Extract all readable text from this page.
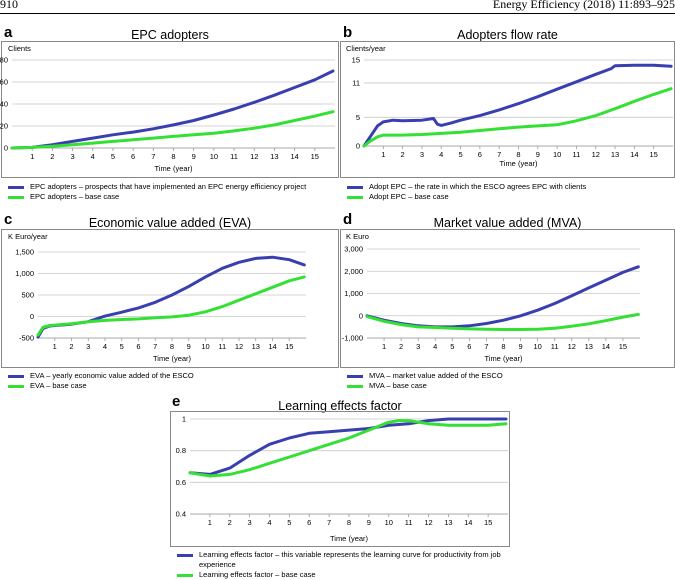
910	Energy Efficiency (2018) 11:893–925
a	EPC adopters
Clients
0
20
40
60
80
1 2 3 4 5 6 7 8 9 10 11 12 13 14 15
Time (year)
0
5
11
15
1 2 3 4 5 6 7 8 9 10 11 12 13 14 15
Time (year)
-500
0
500
1,000
1,500
1 2 3 4 5 6 7 8 9 10 11 12 13 14 15
Time (year)
-1,000
0
1,000
2,000
3,000
1 2 3 4 5 6 7 8 9 10 11 12 13 14 15
Time (year)
0.4
0.6
0.8
1
1 2 3 4 5 6 7 8 9 10 11 12 13 14 15
Time (year)
EPC adopters – prospects that have implemented an EPC energy efficiency project
EPC adopters – base case
b	Adopters flow rate
Clients/year
Adopt EPC – the rate in which the ESCO agrees EPC with clients
Adopt EPC – base case
c	Economic value added (EVA)
K Euro/year
EVA – yearly economic value added of the ESCO
EVA – base case
d	Market value added (MVA)
K Euro
MVA – market value added of the ESCO
MVA – base case
e	Learning effects factor
Learning effects factor – this variable represents the learning curve for productivity from job experience
Learning effects factor – base case
